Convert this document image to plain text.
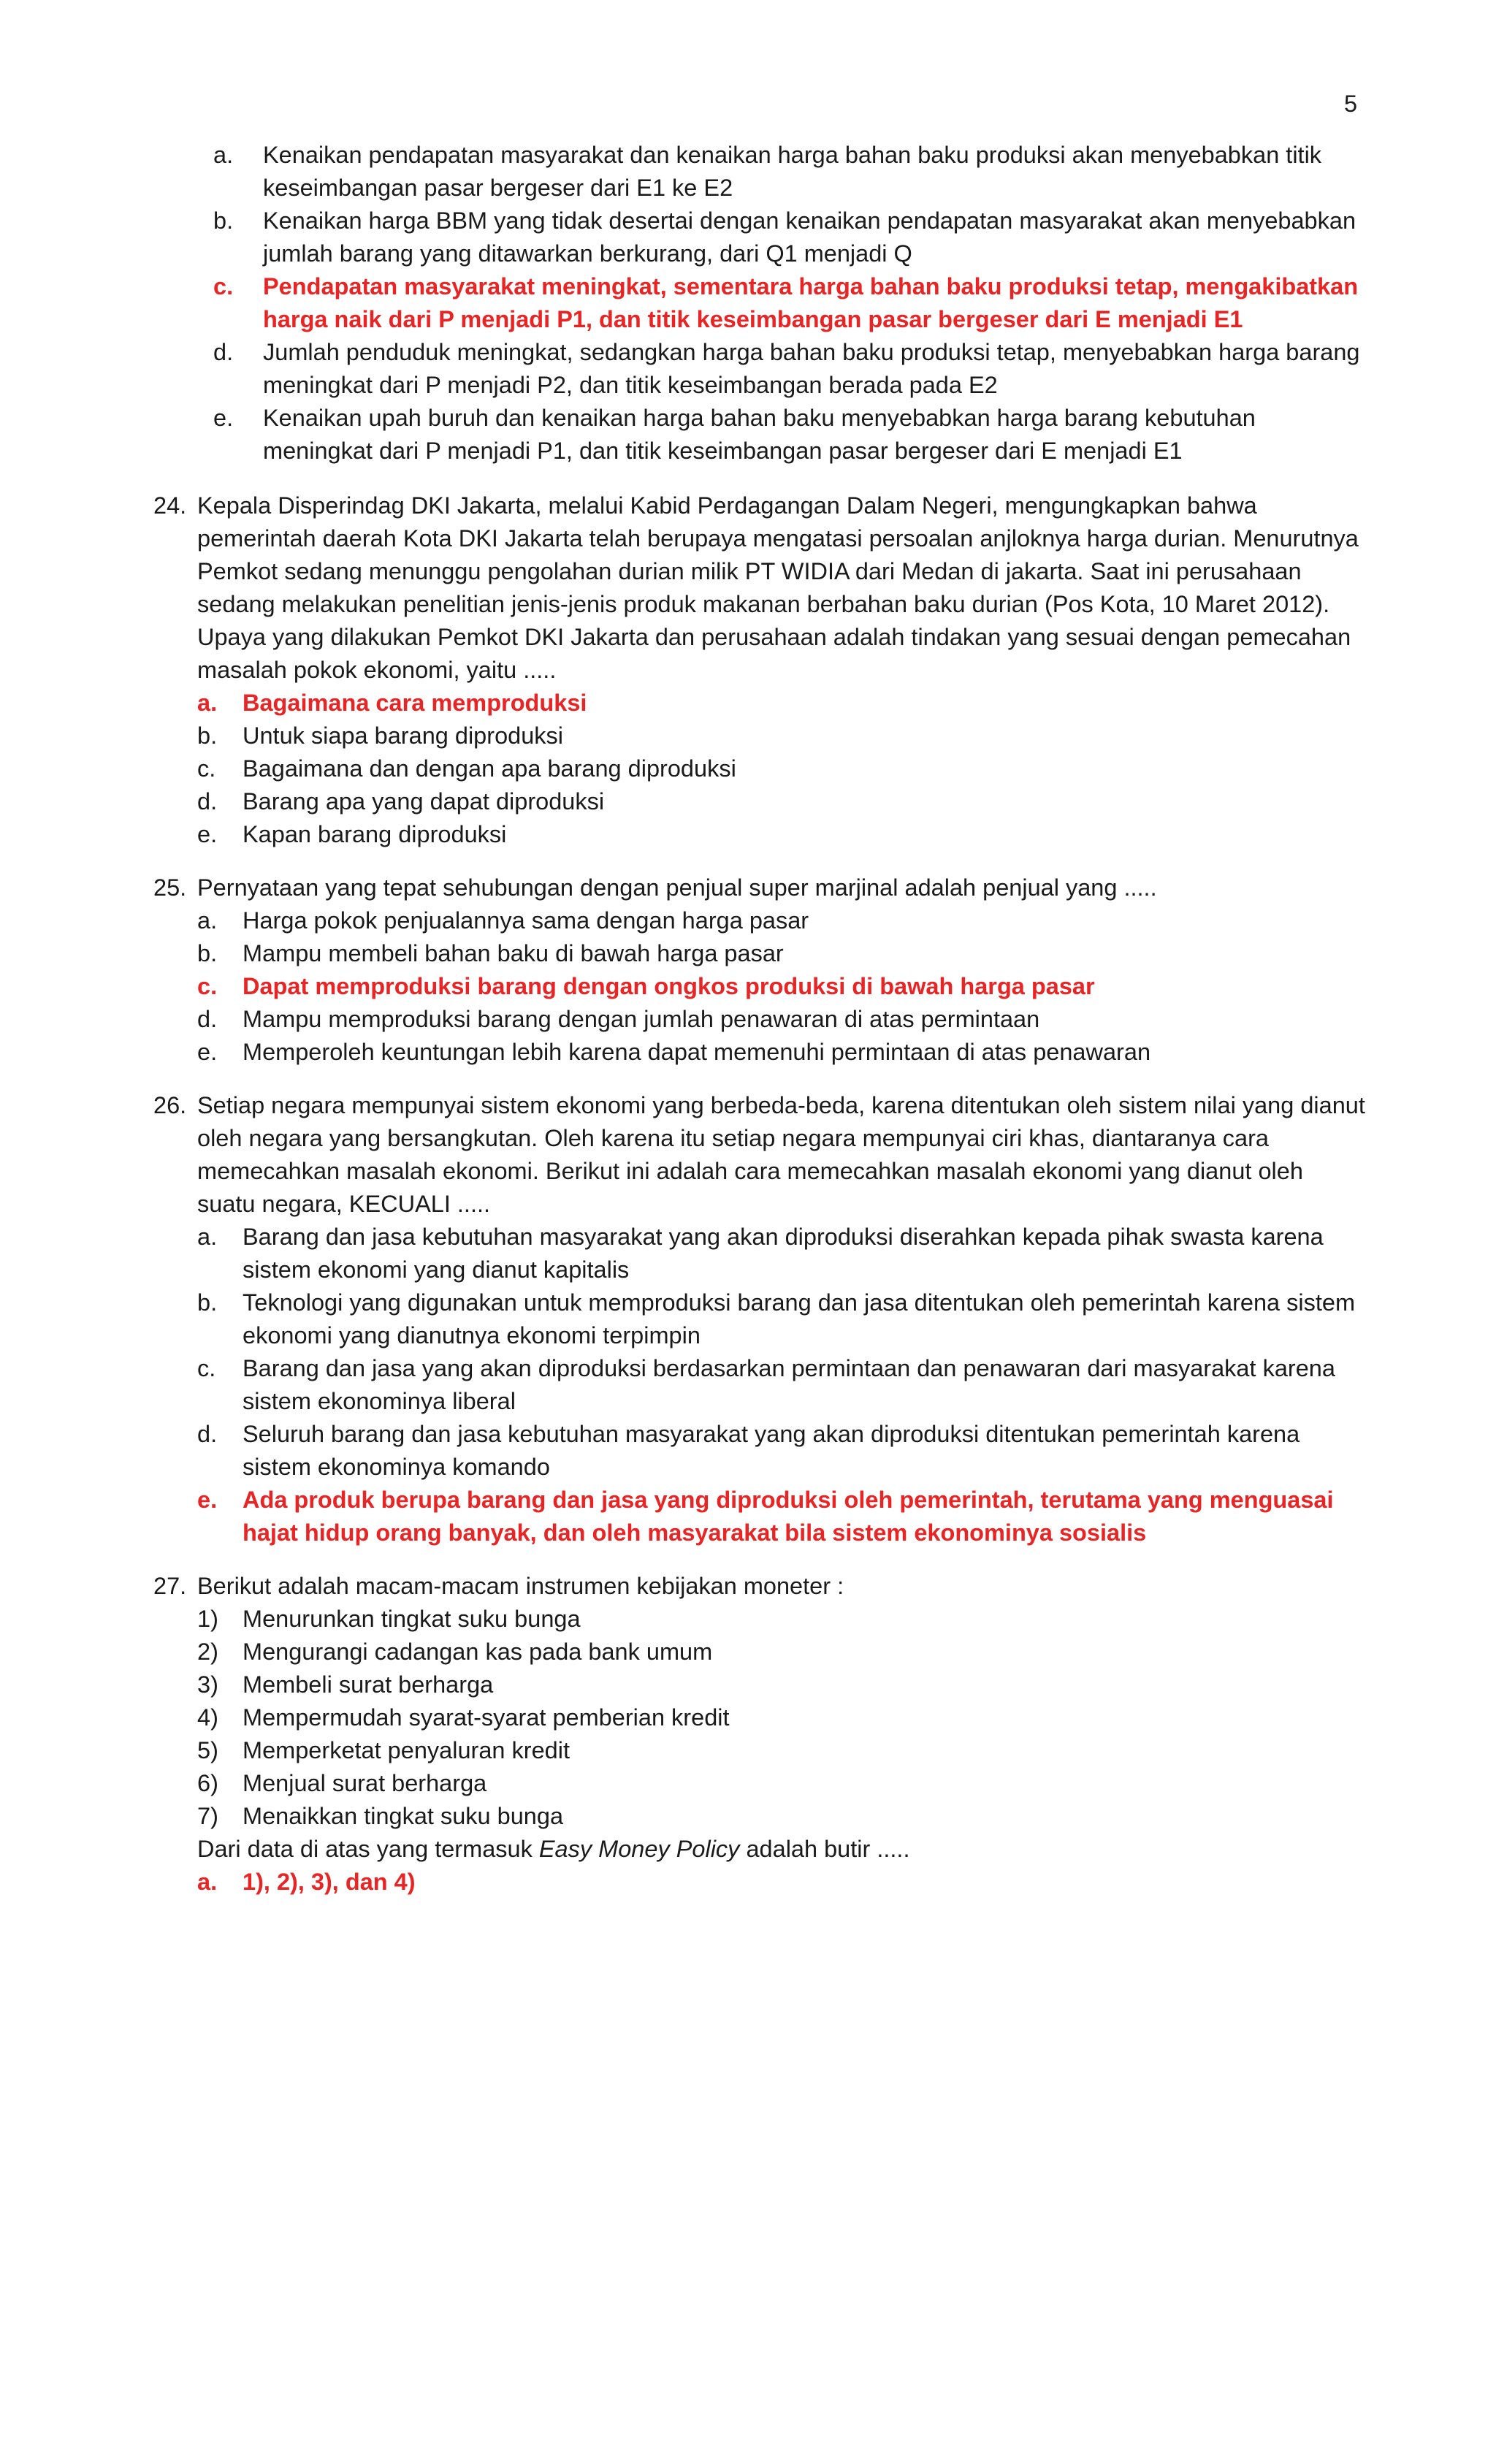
5
a. Kenaikan pendapatan masyarakat dan kenaikan harga bahan baku produksi akan menyebabkan titik keseimbangan pasar bergeser dari E1 ke E2
b. Kenaikan harga BBM yang tidak desertai dengan kenaikan pendapatan masyarakat akan menyebabkan jumlah barang yang ditawarkan berkurang, dari Q1 menjadi Q
c. Pendapatan masyarakat meningkat, sementara harga bahan baku produksi tetap, mengakibatkan harga naik dari P menjadi P1, dan titik keseimbangan pasar bergeser dari E menjadi E1
d. Jumlah penduduk meningkat, sedangkan harga bahan baku produksi tetap, menyebabkan harga barang meningkat dari P menjadi P2, dan titik keseimbangan berada pada E2
e. Kenaikan upah buruh dan kenaikan harga bahan baku menyebabkan harga barang kebutuhan meningkat dari P menjadi P1, dan titik keseimbangan pasar bergeser dari E menjadi E1
24. Kepala Disperindag DKI Jakarta, melalui Kabid Perdagangan Dalam Negeri, mengungkapkan bahwa pemerintah daerah Kota DKI Jakarta telah berupaya mengatasi persoalan anjloknya harga durian. Menurutnya Pemkot sedang menunggu pengolahan durian milik PT WIDIA dari Medan di jakarta. Saat ini perusahaan sedang melakukan penelitian jenis-jenis produk makanan berbahan baku durian (Pos Kota, 10 Maret 2012). Upaya yang dilakukan Pemkot DKI Jakarta dan perusahaan adalah tindakan yang sesuai dengan pemecahan masalah pokok ekonomi, yaitu .....
a. Bagaimana cara memproduksi
b. Untuk siapa barang diproduksi
c. Bagaimana dan dengan apa barang diproduksi
d. Barang apa yang dapat diproduksi
e. Kapan barang diproduksi
25. Pernyataan yang tepat sehubungan dengan penjual super marjinal adalah penjual yang .....
a. Harga pokok penjualannya sama dengan harga pasar
b. Mampu membeli bahan baku di bawah harga pasar
c. Dapat memproduksi barang dengan ongkos produksi di bawah harga pasar
d. Mampu memproduksi barang dengan jumlah penawaran di atas permintaan
e. Memperoleh keuntungan lebih karena dapat memenuhi permintaan di atas penawaran
26. Setiap negara mempunyai sistem ekonomi yang berbeda-beda, karena ditentukan oleh sistem nilai yang dianut oleh negara yang bersangkutan. Oleh karena itu setiap negara mempunyai ciri khas, diantaranya cara memecahkan masalah ekonomi. Berikut ini adalah cara memecahkan masalah ekonomi yang dianut oleh suatu negara, KECUALI .....
a. Barang dan jasa kebutuhan masyarakat yang akan diproduksi diserahkan kepada pihak swasta karena sistem ekonomi yang dianut kapitalis
b. Teknologi yang digunakan untuk memproduksi barang dan jasa ditentukan oleh pemerintah karena sistem ekonomi yang dianutnya ekonomi terpimpin
c. Barang dan jasa yang akan diproduksi berdasarkan permintaan dan penawaran dari masyarakat karena sistem ekonominya liberal
d. Seluruh barang dan jasa kebutuhan masyarakat yang akan diproduksi ditentukan pemerintah karena sistem ekonominya komando
e. Ada produk berupa barang dan jasa yang diproduksi oleh pemerintah, terutama yang menguasai hajat hidup orang banyak, dan oleh masyarakat bila sistem ekonominya sosialis
27. Berikut adalah macam-macam instrumen kebijakan moneter :
1) Menurunkan tingkat suku bunga
2) Mengurangi cadangan kas pada bank umum
3) Membeli surat berharga
4) Mempermudah syarat-syarat pemberian kredit
5) Memperketat penyaluran kredit
6) Menjual surat berharga
7) Menaikkan tingkat suku bunga
Dari data di atas yang termasuk Easy Money Policy adalah butir .....
a. 1), 2), 3), dan 4)
